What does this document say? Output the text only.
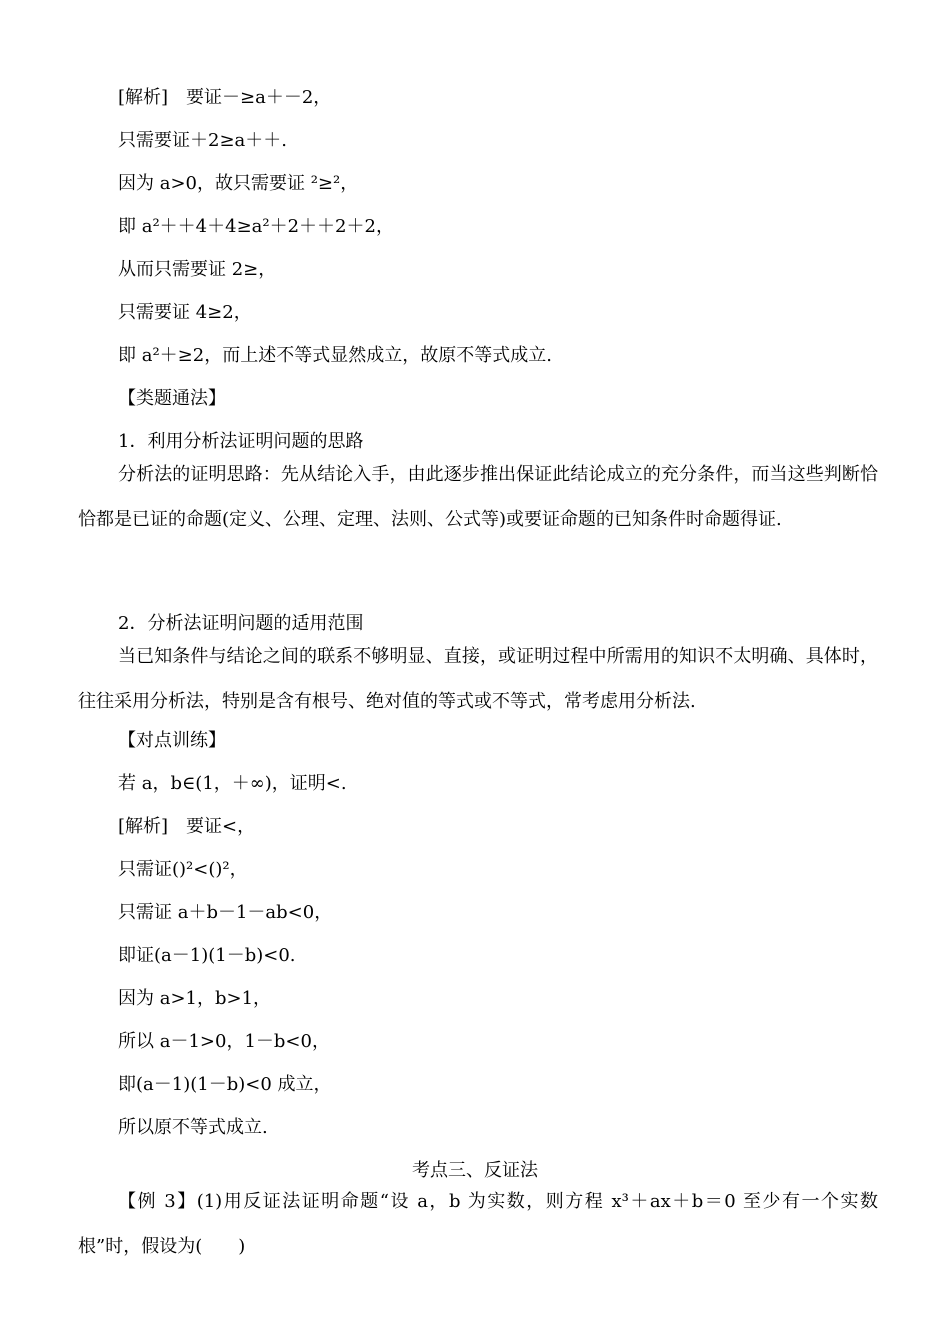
[解析]　要证－≥a＋－2，
只需要证＋2≥a＋＋.
因为 a>0，故只需要证 ²≥²，
即 a²＋＋4＋4≥a²＋2＋＋2＋2，
从而只需要证 2≥，
只需要证 4≥2，
即 a²＋≥2，而上述不等式显然成立，故原不等式成立.
【类题通法】
1．利用分析法证明问题的思路
分析法的证明思路：先从结论入手，由此逐步推出保证此结论成立的充分条件，而当这些判断恰恰都是已证的命题(定义、公理、定理、法则、公式等)或要证命题的已知条件时命题得证.
2．分析法证明问题的适用范围
当已知条件与结论之间的联系不够明显、直接，或证明过程中所需用的知识不太明确、具体时，往往采用分析法，特别是含有根号、绝对值的等式或不等式，常考虑用分析法.
【对点训练】
若 a，b∈(1，＋∞)，证明<.
[解析]　要证<，
只需证()²<()²，
只需证 a＋b－1－ab<0，
即证(a－1)(1－b)<0.
因为 a>1，b>1，
所以 a－1>0，1－b<0，
即(a－1)(1－b)<0 成立，
所以原不等式成立.
考点三、反证法
【例 3】(1)用反证法证明命题“设 a，b 为实数，则方程 x³＋ax＋b＝0 至少有一个实数根”时，假设为(　　)
